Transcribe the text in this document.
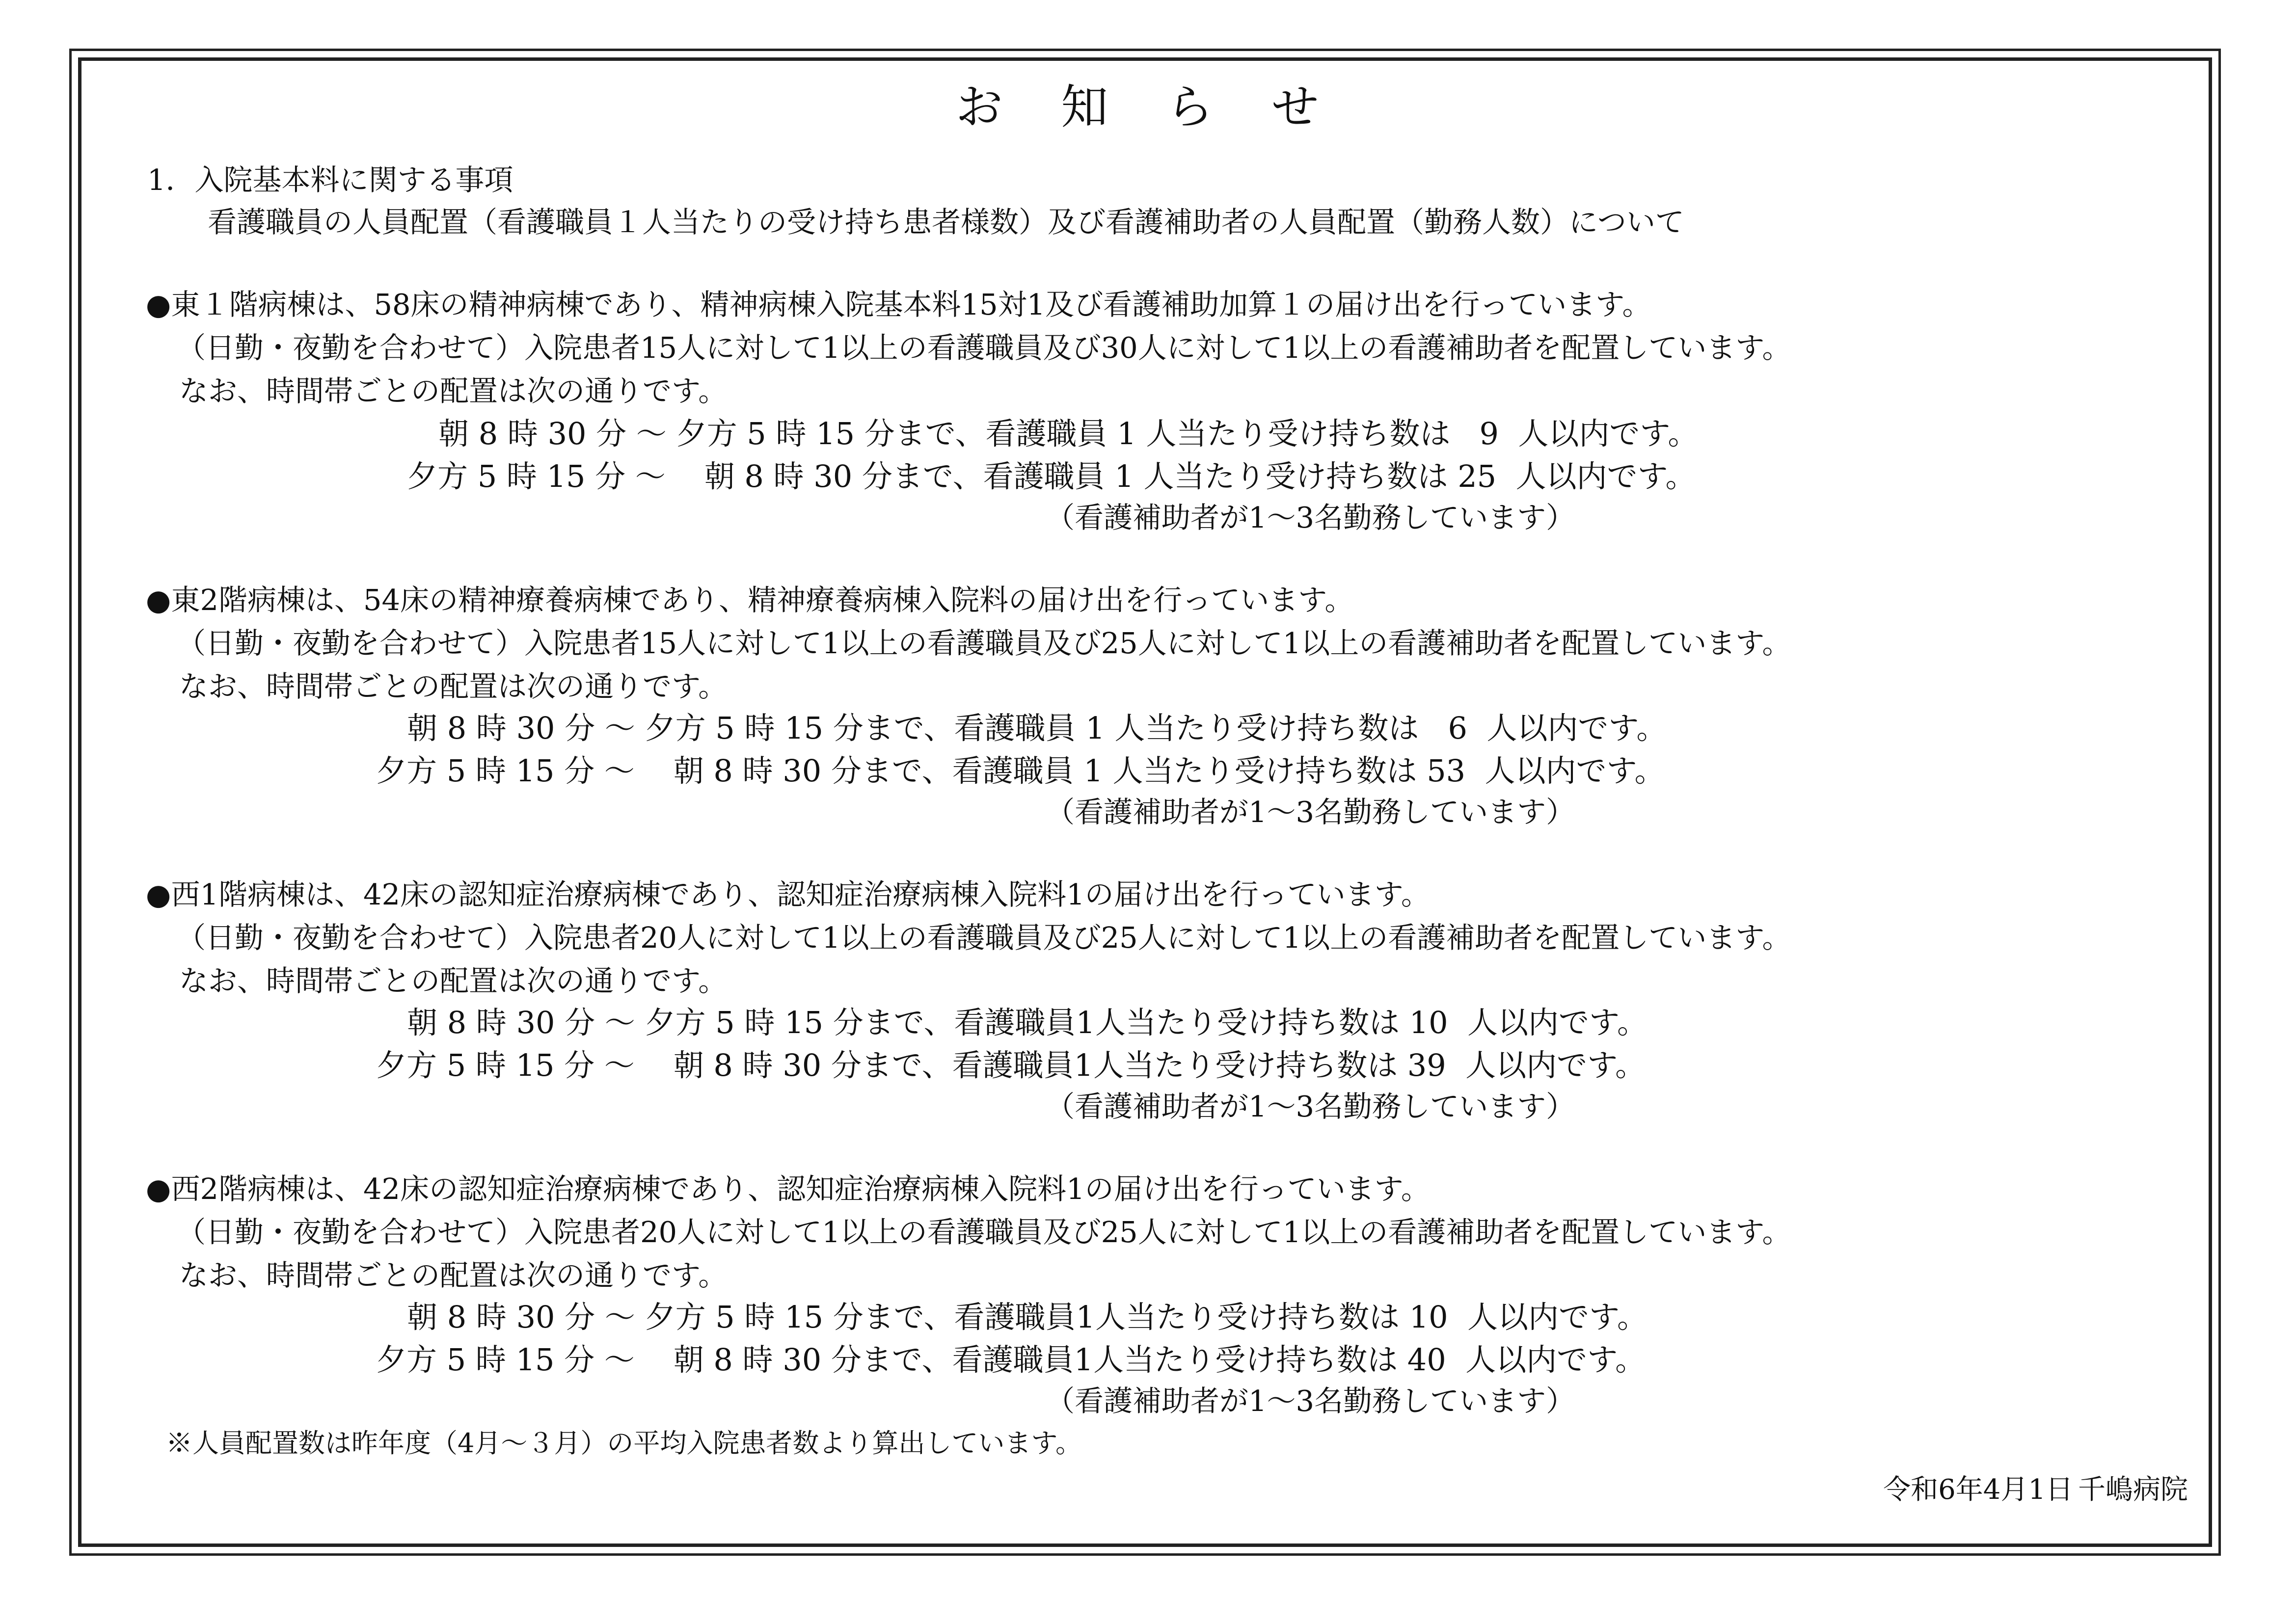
お 知 ら せ
1．入院基本料に関する事項
看護職員の人員配置（看護職員１人当たりの受け持ち患者様数）及び看護補助者の人員配置（勤務人数）について
●東１階病棟は、58床の精神病棟であり、精神病棟入院基本料15対1及び看護補助加算１の届け出を行っています。
（日勤・夜勤を合わせて）入院患者15人に対して1以上の看護職員及び30人に対して1以上の看護補助者を配置しています。
なお、時間帯ごとの配置は次の通りです。
朝 8 時 30 分 〜 夕方 5 時 15 分まで、看護職員 1 人当たり受け持ち数は   9  人以内です。
夕方 5 時 15 分 〜    朝 8 時 30 分まで、看護職員 1 人当たり受け持ち数は 25  人以内です。
（看護補助者が1〜3名勤務しています）
●東2階病棟は、54床の精神療養病棟であり、精神療養病棟入院料の届け出を行っています。
（日勤・夜勤を合わせて）入院患者15人に対して1以上の看護職員及び25人に対して1以上の看護補助者を配置しています。
なお、時間帯ごとの配置は次の通りです。
朝 8 時 30 分 〜 夕方 5 時 15 分まで、看護職員 1 人当たり受け持ち数は   6  人以内です。
夕方 5 時 15 分 〜    朝 8 時 30 分まで、看護職員 1 人当たり受け持ち数は 53  人以内です。
（看護補助者が1〜3名勤務しています）
●西1階病棟は、42床の認知症治療病棟であり、認知症治療病棟入院料1の届け出を行っています。
（日勤・夜勤を合わせて）入院患者20人に対して1以上の看護職員及び25人に対して1以上の看護補助者を配置しています。
なお、時間帯ごとの配置は次の通りです。
朝 8 時 30 分 〜 夕方 5 時 15 分まで、看護職員1人当たり受け持ち数は 10  人以内です。
夕方 5 時 15 分 〜    朝 8 時 30 分まで、看護職員1人当たり受け持ち数は 39  人以内です。
（看護補助者が1〜3名勤務しています）
●西2階病棟は、42床の認知症治療病棟であり、認知症治療病棟入院料1の届け出を行っています。
（日勤・夜勤を合わせて）入院患者20人に対して1以上の看護職員及び25人に対して1以上の看護補助者を配置しています。
なお、時間帯ごとの配置は次の通りです。
朝 8 時 30 分 〜 夕方 5 時 15 分まで、看護職員1人当たり受け持ち数は 10  人以内です。
夕方 5 時 15 分 〜    朝 8 時 30 分まで、看護職員1人当たり受け持ち数は 40  人以内です。
（看護補助者が1〜3名勤務しています）
※人員配置数は昨年度（4月〜３月）の平均入院患者数より算出しています。
令和6年4月1日 千嶋病院
